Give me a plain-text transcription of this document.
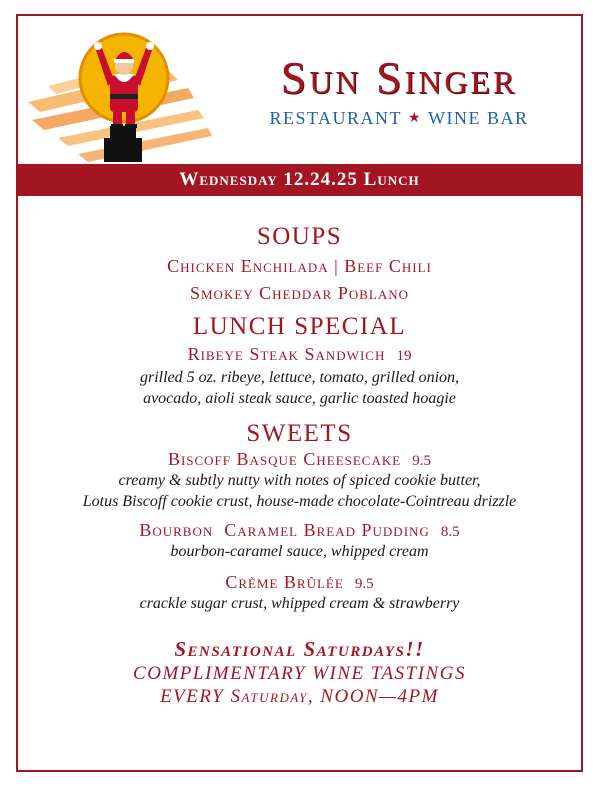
Sun Singer
RESTAURANT ★ WINE BAR
Wednesday 12.24.25 Lunch
SOUPS
Chicken Enchilada | Beef Chili
Smokey Cheddar Poblano
LUNCH SPECIAL
Ribeye Steak Sandwich 19
grilled 5 oz. ribeye, lettuce, tomato, grilled onion,
avocado, aioli steak sauce, garlic toasted hoagie
SWEETS
Biscoff Basque Cheesecake 9.5
creamy & subtly nutty with notes of spiced cookie butter,
Lotus Biscoff cookie crust, house-made chocolate-Cointreau drizzle
Bourbon  Caramel Bread Pudding 8.5
bourbon-caramel sauce, whipped cream
Crème Brûlée 9.5
crackle sugar crust, whipped cream & strawberry
Sensational Saturdays!!
COMPLIMENTARY WINE TASTINGS
EVERY Saturday, NOON—4PM
